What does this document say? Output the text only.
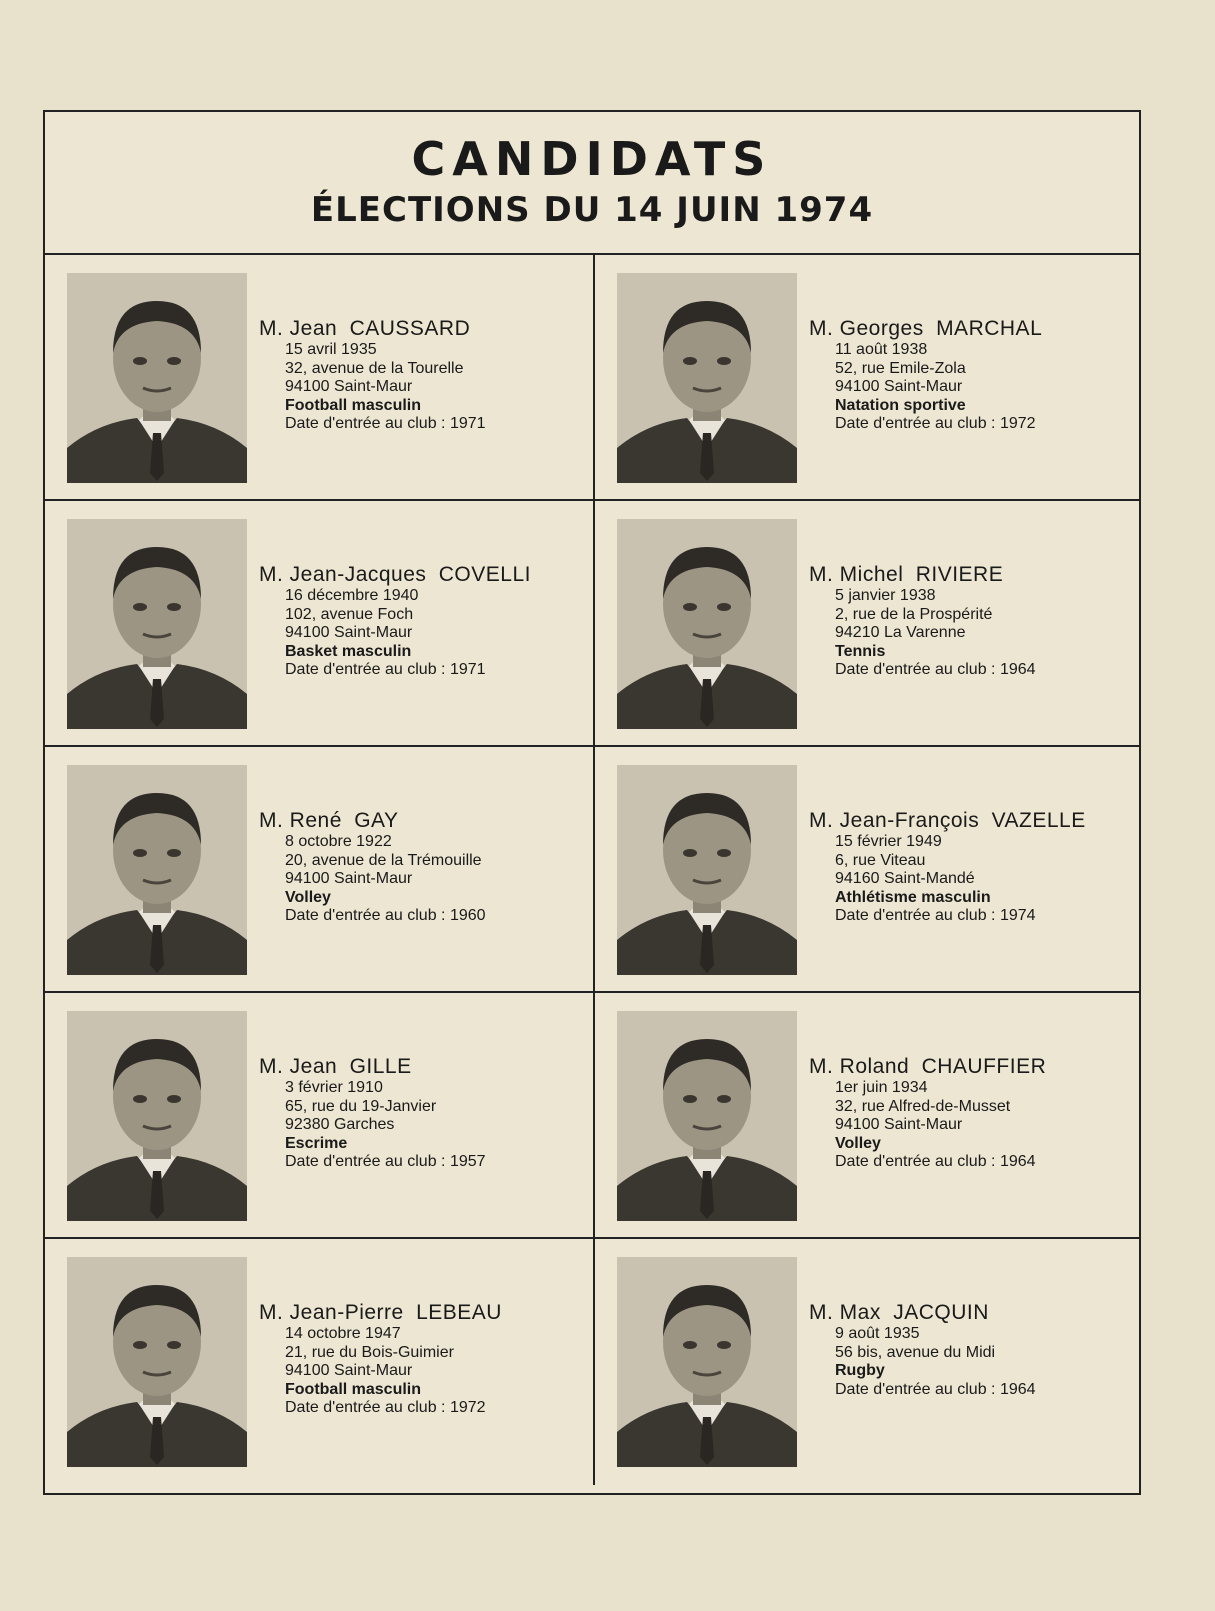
CANDIDATS
ÉLECTIONS DU 14 JUIN 1974
M. Jean CAUSSARD
15 avril 1935
32, avenue de la Tourelle
94100 Saint-Maur
Football masculin
Date d'entrée au club : 1971
M. Georges MARCHAL
11 août 1938
52, rue Emile-Zola
94100 Saint-Maur
Natation sportive
Date d'entrée au club : 1972
M. Jean-Jacques COVELLI
16 décembre 1940
102, avenue Foch
94100 Saint-Maur
Basket masculin
Date d'entrée au club : 1971
M. Michel RIVIERE
5 janvier 1938
2, rue de la Prospérité
94210 La Varenne
Tennis
Date d'entrée au club : 1964
M. René GAY
8 octobre 1922
20, avenue de la Trémouille
94100 Saint-Maur
Volley
Date d'entrée au club : 1960
M. Jean-François VAZELLE
15 février 1949
6, rue Viteau
94160 Saint-Mandé
Athlétisme masculin
Date d'entrée au club : 1974
M. Jean GILLE
3 février 1910
65, rue du 19-Janvier
92380 Garches
Escrime
Date d'entrée au club : 1957
M. Roland CHAUFFIER
1er juin 1934
32, rue Alfred-de-Musset
94100 Saint-Maur
Volley
Date d'entrée au club : 1964
M. Jean-Pierre LEBEAU
14 octobre 1947
21, rue du Bois-Guimier
94100 Saint-Maur
Football masculin
Date d'entrée au club : 1972
M. Max JACQUIN
9 août 1935
56 bis, avenue du Midi
Rugby
Date d'entrée au club : 1964
